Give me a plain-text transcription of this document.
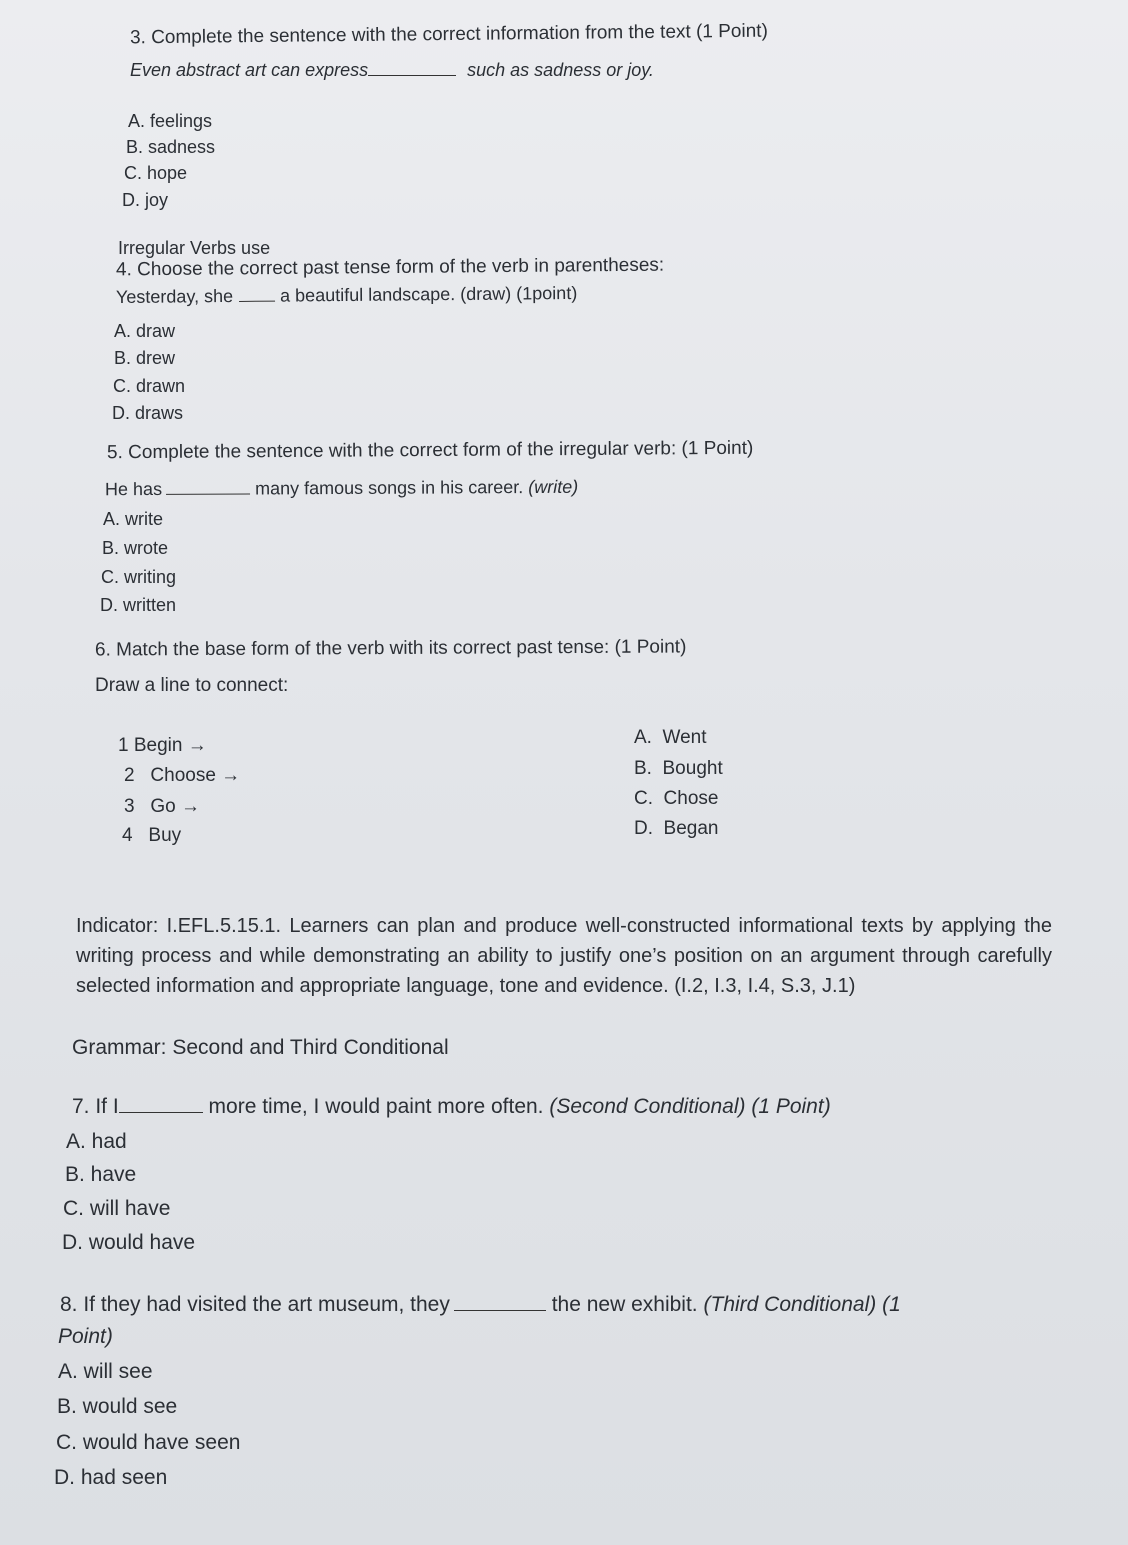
3. Complete the sentence with the correct information from the text (1 Point)
Even abstract art can express	such as sadness or joy.
A. feelings
B. sadness
C. hope
D. joy
Irregular Verbs use
4. Choose the correct past tense form of the verb in parentheses:
Yesterday, she	a beautiful landscape. (draw) (1point)
A. draw
B. drew
C. drawn
D. draws
5. Complete the sentence with the correct form of the irregular verb: (1 Point)
He has	many famous songs in his career. (write)
A. write
B. wrote
C. writing
D. written
6. Match the base form of the verb with its correct past tense: (1 Point)
Draw a line to connect:
1 Begin →
2   Choose →
3   Go →
4   Buy
A.  Went
B.  Bought
C.  Chose
D.  Began
Indicator: I.EFL.5.15.1. Learners can plan and produce well-constructed informational texts by applying the writing process and while demonstrating an ability to justify one’s position on an argument through carefully selected information and appropriate language, tone and evidence. (I.2, I.3, I.4, S.3, J.1)
Grammar: Second and Third Conditional
7. If I	more time, I would paint more often. (Second Conditional) (1 Point)
A. had
B. have
C. will have
D. would have
8. If they had visited the art museum, they	the new exhibit. (Third Conditional) (1
Point)
A. will see
B. would see
C. would have seen
D. had seen
